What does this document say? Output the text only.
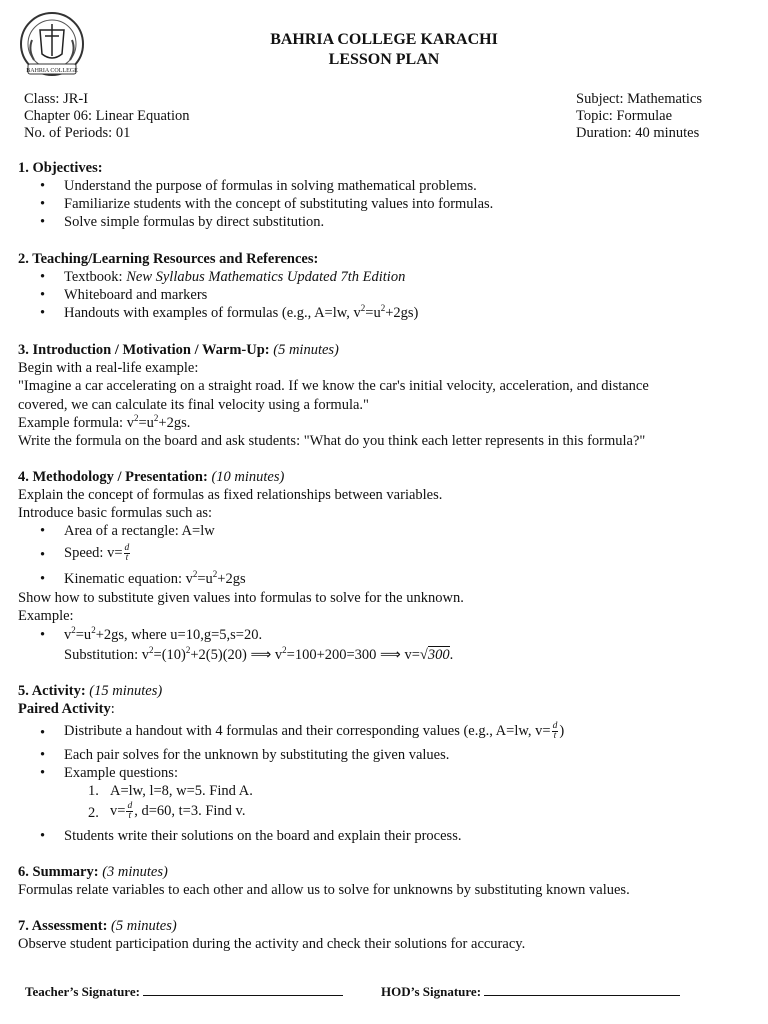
BAHRIA COLLEGE
BAHRIA COLLEGE KARACHI
LESSON PLAN
Class: JR-I
Chapter 06: Linear Equation
No. of Periods: 01
Subject: Mathematics
Topic: Formulae
Duration: 40 minutes
1. Objectives:
• Understand the purpose of formulas in solving mathematical problems.
• Familiarize students with the concept of substituting values into formulas.
• Solve simple formulas by direct substitution.
2. Teaching/Learning Resources and References:
• Textbook: New Syllabus Mathematics Updated 7th Edition
• Whiteboard and markers
• Handouts with examples of formulas (e.g., A=lw, $v^2=u^2+2gs$)
3. Introduction / Motivation / Warm-Up: (5 minutes)
Begin with a real-life example:
"Imagine a car accelerating on a straight road. If we know the car's initial velocity, acceleration, and distance
covered, we can calculate its final velocity using a formula."
Example formula: $v^2=u^2+2gs$.
Write the formula on the board and ask students: "What do you think each letter represents in this formula?"
4. Methodology / Presentation: (10 minutes)
Explain the concept of formulas as fixed relationships between variables.
Introduce basic formulas such as:
• Area of a rectangle: A=lw
• Speed: $v= \frac{d}{t}$
• Kinematic equation: $v^2=u^2+2gs$
Show how to substitute given values into formulas to solve for the unknown.
Example:
• $v^2=u^2+2gs$, where u=10,g=5,s=20.
Substitution: $v^2=(10)^2+2(5)(20)$ ⟹ $v^2=100+200=300$ ⟹ v=√300.
5. Activity: (15 minutes)
Paired Activity:
• Distribute a handout with 4 formulas and their corresponding values (e.g., A=lw, $v= \frac{d}{t}$ )
• Each pair solves for the unknown by substituting the given values.
• Example questions:
1. A=lw, l=8, w=5. Find A.
2. $v= \frac{d}{t}$ , d=60, t=3. Find v.
• Students write their solutions on the board and explain their process.
6. Summary: (3 minutes)
Formulas relate variables to each other and allow us to solve for unknowns by substituting known values.
7. Assessment: (5 minutes)
Observe student participation during the activity and check their solutions for accuracy.
Teacher’s Signature:	HOD’s Signature:
